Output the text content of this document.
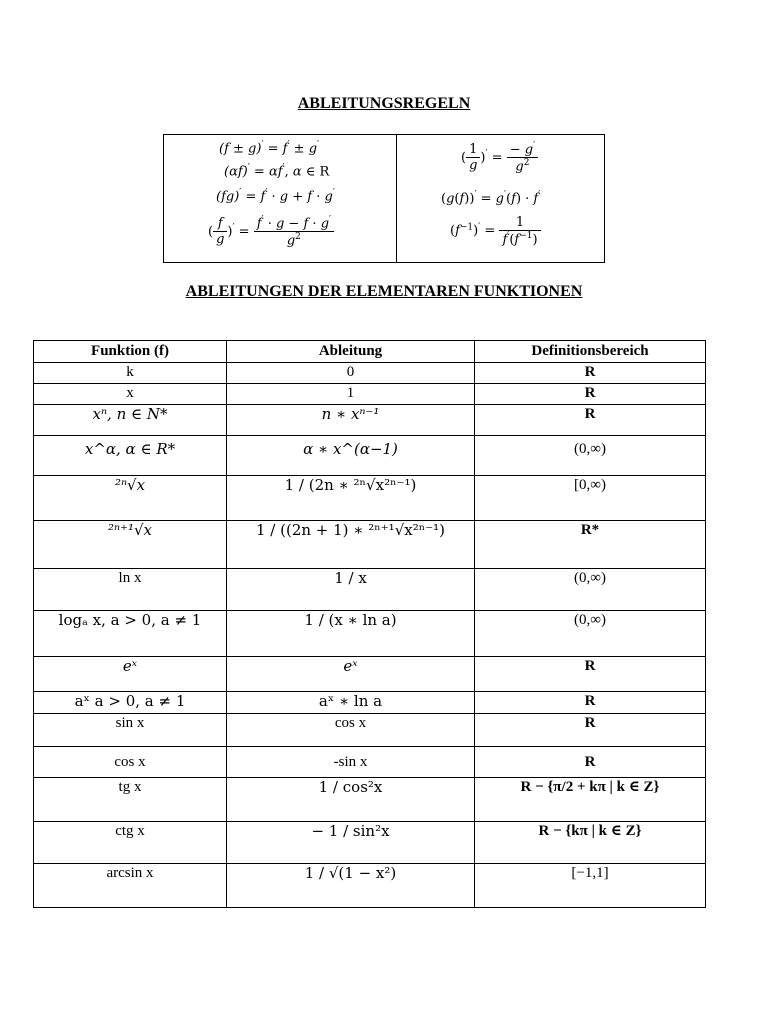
ABLEITUNGSREGELN
(f ± g)′ = f′ ± g′
(αf)′ = αf′, α ∈ R
(fg)′ = f′ · g + f · g′
( $\frac{f}{g} )' = \frac{f' \cdot g - f \cdot g'}{g^2}$
( $\frac{1}{g} )' = \frac{- g'}{g^2}$
(g(f))′ = g′(f) · f′
$(f^{-1})' = \frac{1}{f'(f^{-1})}$
ABLEITUNGEN DER ELEMENTAREN FUNKTIONEN
Funktion (f)	Ableitung	Definitionsbereich
k	0	R
x	1	R
xⁿ, n ∈ N*	n ∗ xⁿ⁻¹	R
x^α, α ∈ R*	α ∗ x^(α−1)	(0,∞)
²ⁿ√x	1 / (2n ∗ ²ⁿ√x²ⁿ⁻¹)	[0,∞)
²ⁿ⁺¹√x	1 / ((2n + 1) ∗ ²ⁿ⁺¹√x²ⁿ⁻¹)	R*
ln x	1 / x	(0,∞)
logₐ x, a > 0, a ≠ 1	1 / (x ∗ ln a)	(0,∞)
eˣ	eˣ	R
aˣ a > 0, a ≠ 1	aˣ ∗ ln a	R
sin x	cos x	R
cos x	-sin x	R
tg x	1 / cos²x	R − {π/2 + kπ | k ∈ Z}
ctg x	− 1 / sin²x	R − {kπ | k ∈ Z}
arcsin x	1 / √(1 − x²)	[−1,1]
